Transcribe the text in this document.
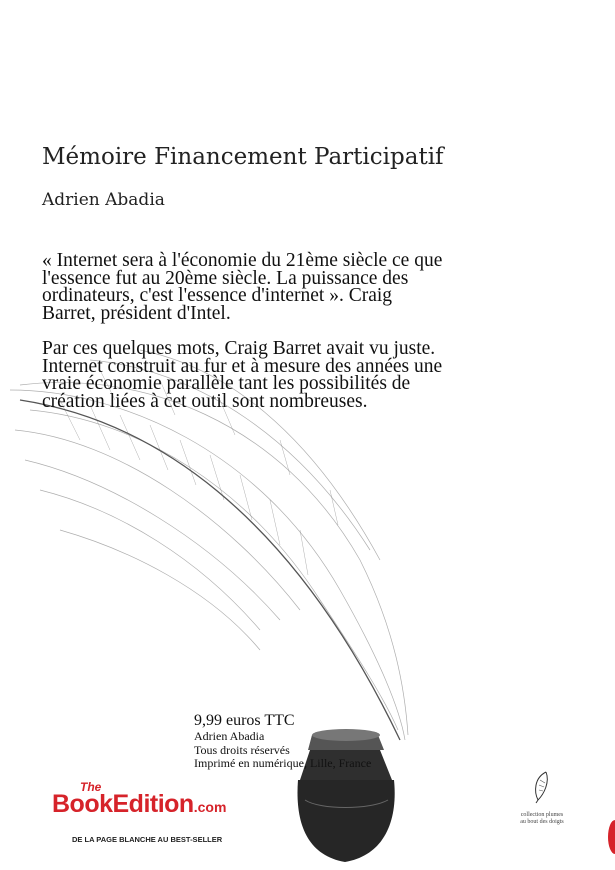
Mémoire Financement Participatif
Adrien Abadia
« Internet sera à l'économie du 21ème siècle ce que l'essence fut au 20ème siècle. La puissance des ordinateurs, c'est l'essence d'internet ». Craig Barret, président d'Intel.
Par ces quelques mots, Craig Barret avait vu juste. Internet construit au fur et à mesure des années une vraie économie parallèle tant les possibilités de création liées à cet outil sont nombreuses.
9,99 euros TTC
Adrien Abadia
Tous droits réservés
Imprimé en numérique, Lille, France
The
BookEdition.com
DE LA PAGE BLANCHE AU BEST-SELLER
collection plumes au bout des doigts
